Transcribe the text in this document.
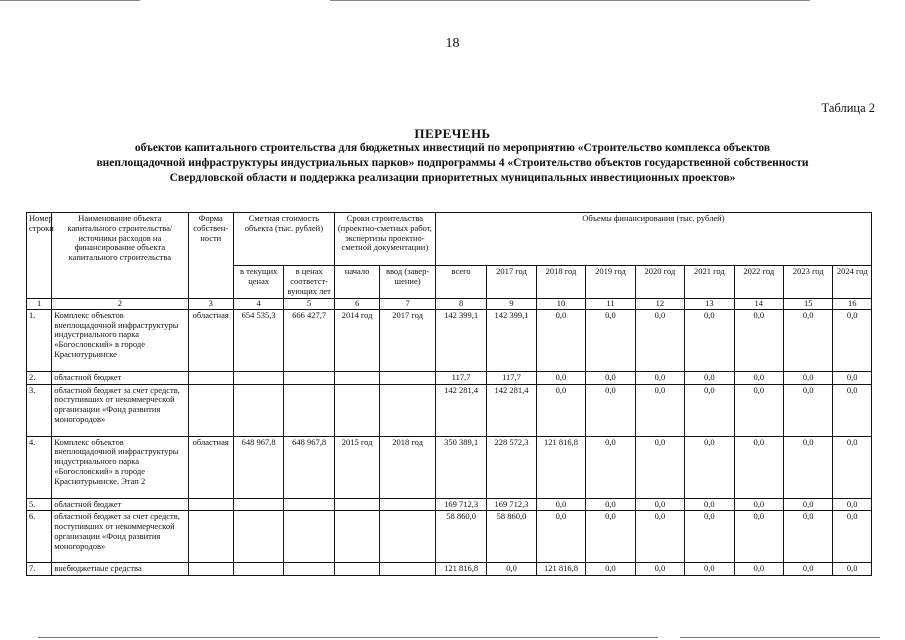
18
Таблица 2
ПЕРЕЧЕНЬ
объектов капитального строительства для бюджетных инвестиций по мероприятию «Строительство комплекса объектов
внеплощадочной инфраструктуры индустриальных парков» подпрограммы 4 «Строительство объектов государственной собственности
Свердловской области и поддержка реализации приоритетных муниципальных инвестиционных проектов»
Номер строки	Наименование объекта капитального строительства/ источники расходов на финансирование объекта капитального строительства	Форма собствен-ности	Сметная стоимость объекта (тыс. рублей)		Сроки строительства (проектно-сметных работ, экспертизы проектно-сметной документации)		Объемы финансирования (тыс. рублей)								
			в текущих ценах	в ценах соответст-вующих лет	начало	ввод (завер-шение)	всего	2017 год	2018 год	2019 год	2020 год	2021 год	2022 год	2023 год	2024 год
1	2	3	4	5	6	7	8	9	10	11	12	13	14	15	16
1.	Комплекс объектов внеплощадочной инфраструктуры индустриального парка «Богословский» в городе Краснотурьинске	областная	654 535,3	666 427,7	2014 год	2017 год	142 399,1	142 399,1	0,0	0,0	0,0	0,0	0,0	0,0	0,0
2.	областной бюджет						117,7	117,7	0,0	0,0	0,0	0,0	0,0	0,0	0,0
3.	областной бюджет за счет средств, поступивших от некоммерческой организации «Фонд развития моногородов»						142 281,4	142 281,4	0,0	0,0	0,0	0,0	0,0	0,0	0,0
4.	Комплекс объектов внеплощадочной инфраструктуры индустриального парка «Богословский» в городе Краснотурьинске. Этап 2	областная	648 967,8	648 967,8	2015 год	2018 год	350 389,1	228 572,3	121 816,8	0,0	0,0	0,0	0,0	0,0	0,0
5.	областной бюджет						169 712,3	169 712,3	0,0	0,0	0,0	0,0	0,0	0,0	0,0
6.	областной бюджет за счет средств, поступивших от некоммерческой организации «Фонд развития моногородов»						58 860,0	58 860,0	0,0	0,0	0,0	0,0	0,0	0,0	0,0
7.	внебюджетные средства						121 816,8	0,0	121 816,8	0,0	0,0	0,0	0,0	0,0	0,0
